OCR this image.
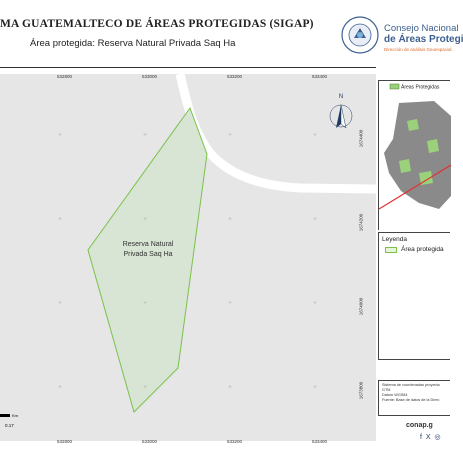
MA GUATEMALTECO DE ÁREAS PROTEGIDAS (SIGAP)
Área protegida: Reserva Natural Privada Saq Ha
Consejo Nacional
de Áreas Protegi
Dirección de análisis Geoespacial
+	+	+	+
+	+	+	+
+	+	+	+
+	+	+	+
Reserva Natural
Privada Saq Ha
N
532800	533000	533200	533400
532800	533000	533200	533400
1674400
1674200
1674000
1673800
Áreas Protegidas
Leyenda
Área protegida
Sistema de coordenadas proyecta
GTM
Datum WGS84
Fuente: Base de datos de la Direc
Km
0.17	conap.g
f X ◎
